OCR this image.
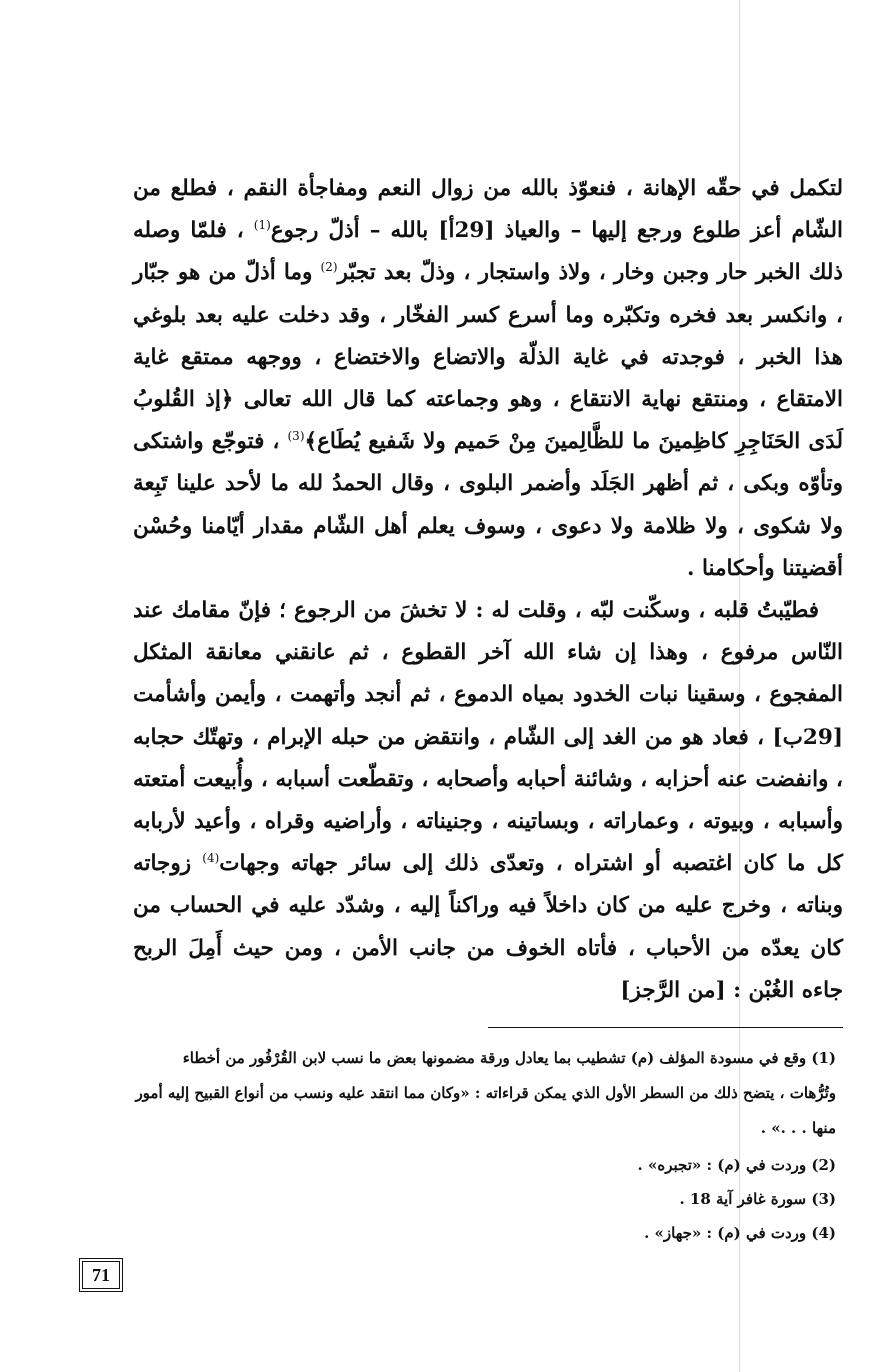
لتكمل في حقّه الإهانة ، فنعوّذ بالله من زوال النعم ومفاجأة النقم ، فطلع من الشّام أعز طلوع ورجع إليها – والعياذ [29أ] بالله – أذلّ رجوع$^{(1)}$ ، فلمّا وصله ذلك الخبر حار وجبن وخار ، ولاذ واستجار ، وذلّ بعد تجبّر$^{(2)}$ وما أذلّ من هو جبّار ، وانكسر بعد فخره وتكبّره وما أسرع كسر الفخّار ، وقد دخلت عليه بعد بلوغي هذا الخبر ، فوجدته في غاية الذلّة والاتضاع والاختضاع ، ووجهه ممتقع غاية الامتقاع ، ومنتقع نهاية الانتقاع ، وهو وجماعته كما قال الله تعالى ﴿إذ القُلوبُ لَدَى الحَنَاجِرِ كاظِمينَ ما للظَّالِمينَ مِنْ حَميم ولا شَفيع يُطَاع﴾$^{(3)}$ ، فتوجّع واشتكى وتأوّه وبكى ، ثم أظهر الجَلَد وأضمر البلوى ، وقال الحمدُ لله ما لأحد علينا تَبِعة ولا شكوى ، ولا ظلامة ولا دعوى ، وسوف يعلم أهل الشّام مقدار أيّامنا وحُسْن أقضيتنا وأحكامنا .

فطيّبتُ قلبه ، وسكّنت لبّه ، وقلت له : لا تخشَ من الرجوع ؛ فإنّ مقامك عند النّاس مرفوع ، وهذا إن شاء الله آخر القطوع ، ثم عانقني معانقة المثكل المفجوع ، وسقينا نبات الخدود بمياه الدموع ، ثم أنجد وأتهمت ، وأيمن وأشأمت [29ب] ، فعاد هو من الغد إلى الشّام ، وانتقض من حبله الإبرام ، وتهتّك حجابه ، وانفضت عنه أحزابه ، وشائنة أحبابه وأصحابه ، وتقطّعت أسبابه ، وأُبيعت أمتعته وأسبابه ، وبيوته ، وعماراته ، وبساتينه ، وجنيناته ، وأراضيه وقراه ، وأعيد لأربابه كل ما كان اغتصبه أو اشتراه ، وتعدّى ذلك إلى سائر جهاته وجهات$^{(4)}$ زوجاته وبناته ، وخرج عليه من كان داخلاً فيه وراكناً إليه ، وشدّد عليه في الحساب من كان يعدّه من الأحباب ، فأتاه الخوف من جانب الأمن ، ومن حيث أَمِلَ الربح جاءه الغُبْن : [من الرَّجز]

(1) وقع في مسودة المؤلف (م) تشطيب بما يعادل ورقة مضمونها بعض ما نسب لابن القُرْفُور من أخطاء وتُرُّهات ، يتضح ذلك من السطر الأول الذي يمكن قراءاته : «وكان مما انتقد عليه ونسب من أنواع القبيح إليه أمور منها . . .» .

(2) وردت في (م) : «تجبره» .

(3) سورة غافر آية 18 .

(4) وردت في (م) : «جهاز» .

71
